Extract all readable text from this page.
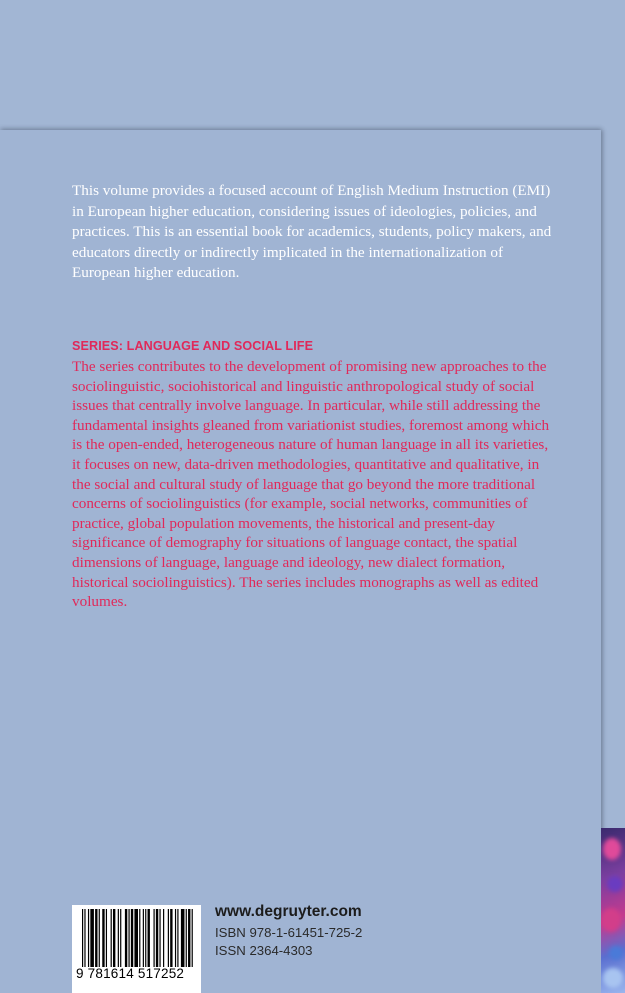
This volume provides a focused account of English Medium Instruction (EMI) in European higher education, considering issues of ideologies, policies, and practices. This is an essential book for academics, students, policy makers, and educators directly or indirectly implicated in the internationalization of European higher education.

SERIES: LANGUAGE AND SOCIAL LIFE

The series contributes to the development of promising new approaches to the sociolinguistic, sociohistorical and linguistic anthropological study of social issues that centrally involve language. In particular, while still addressing the fundamental insights gleaned from variationist studies, foremost among which is the open-ended, heterogeneous nature of human language in all its varieties, it focuses on new, data-driven methodologies, quantitative and qualitative, in the social and cultural study of language that go beyond the more traditional concerns of sociolinguistics (for example, social networks, communities of practice, global population movements, the historical and present-day significance of demography for situations of language contact, the spatial dimensions of language, language and ideology, new dialect formation, historical sociolinguistics). The series includes monographs as well as edited volumes.

9 781614 517252

www.degruyter.com

ISBN 978-1-61451-725-2

ISSN 2364-4303
